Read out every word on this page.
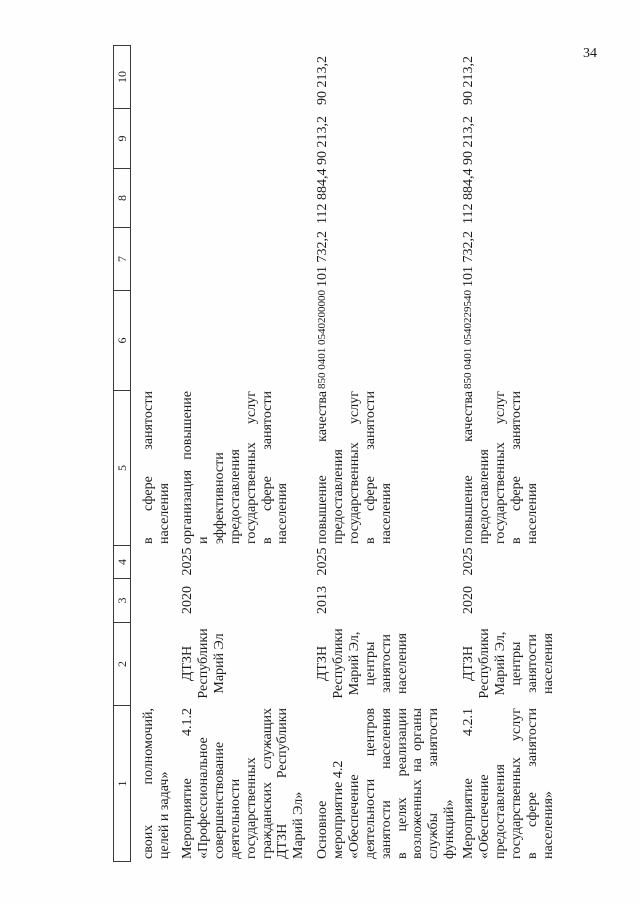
34
1
2
3
4
5
6
7
8
9
10
своих полномочий, целей и задач»
в сфере занятости населения
Мероприятие 4.1.2 «Профессиональное совершенствование деятельности государственных гражданских служащих ДТЗН Республики Марий Эл»
ДТЗН Республики Марий Эл
2020
2025
организация повышение и эффективности предоставления государственных услуг в сфере занятости населения
Основное мероприятие 4.2 «Обеспечение деятельности центров занятости населения в целях реализации возложенных на органы службы занятости функций»
ДТЗН Республики Марий Эл, центры занятости населения
2013
2025
повышение качества предоставления государственных услуг в сфере занятости населения
850 0401 0540200000
101 732,2
112 884,4
90 213,2
90 213,2
Мероприятие 4.2.1 «Обеспечение предоставления государственных услуг в сфере занятости населения»
ДТЗН Республики Марий Эл, центры занятости населения
2020
2025
повышение качества предоставления государственных услуг в сфере занятости населения
850 0401 0540229540
101 732,2
112 884,4
90 213,2
90 213,2
